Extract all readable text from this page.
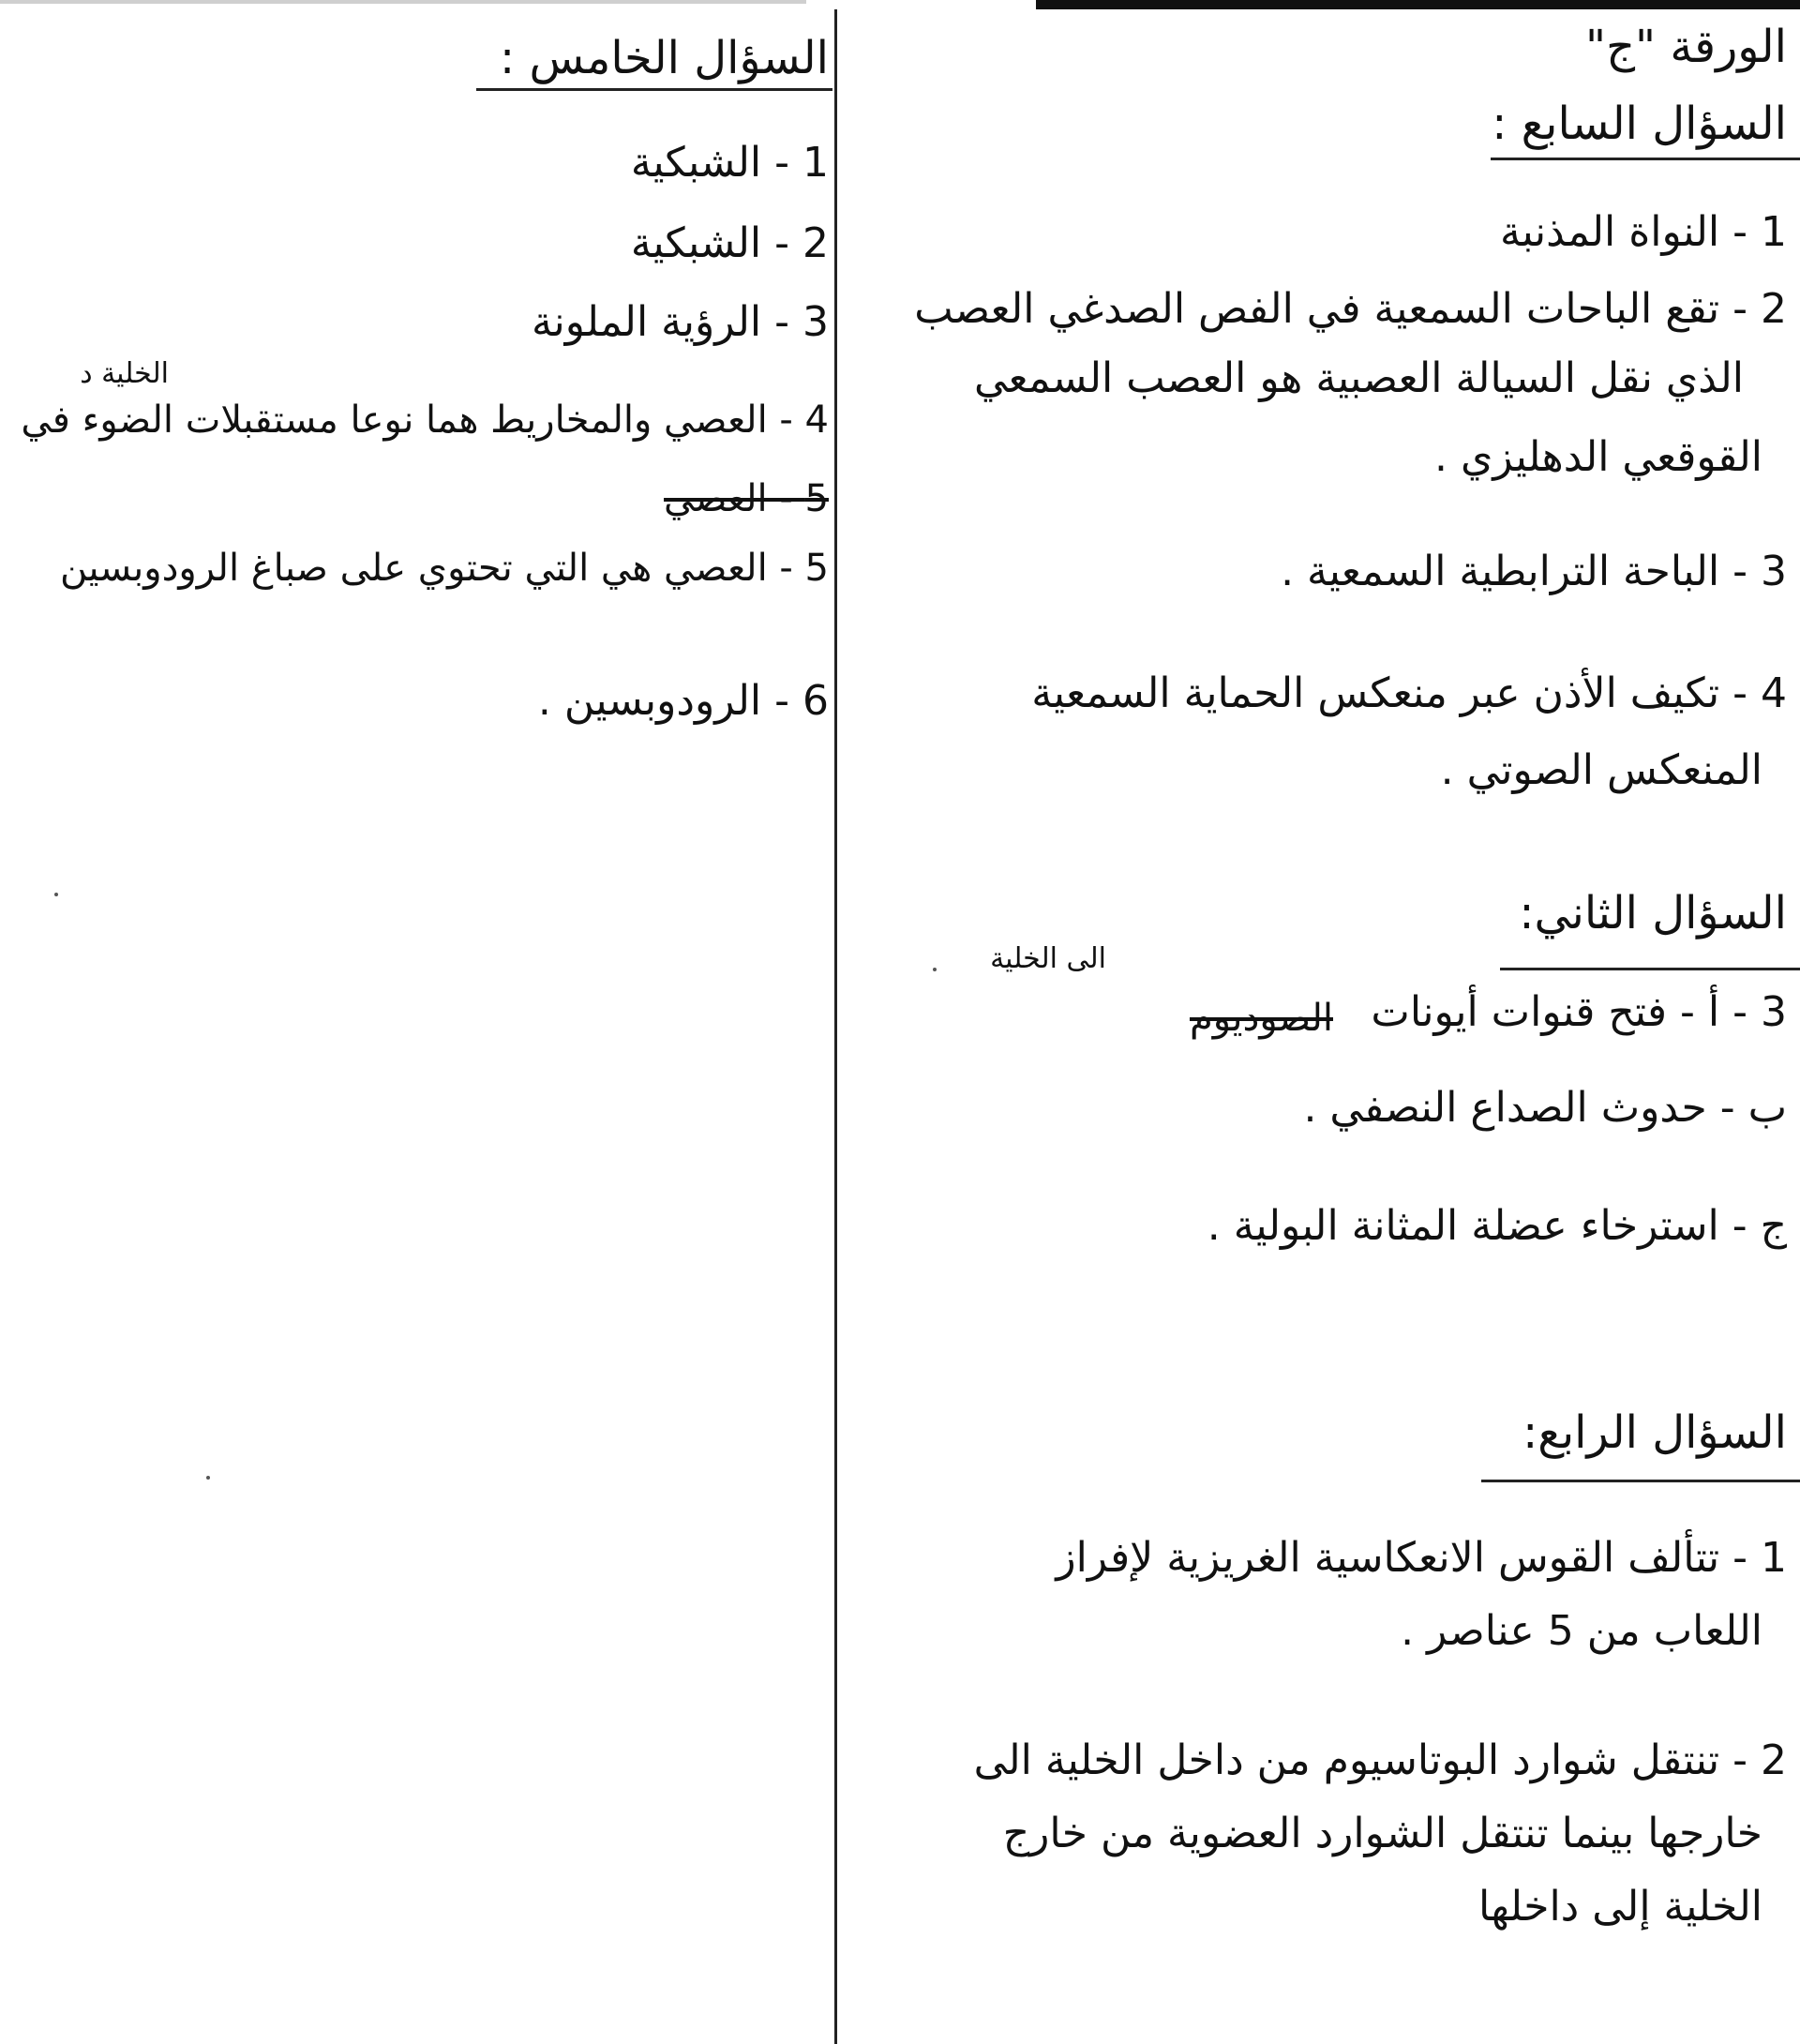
الورقة "ج"
السؤال السابع :
1 - النواة المذنبة
2 - تقع الباحات السمعية في الفص الصدغي العصب
الذي نقل السيالة العصبية هو العصب السمعي
القوقعي الدهليزي .
3 - الباحة الترابطية السمعية .
4 - تكيف الأذن عبر منعكس الحماية السمعية
المنعكس الصوتي .
السؤال الثاني:
الى الخلية
3 - أ - فتح قنوات أيونات
الصوديوم
ب - حدوث الصداع النصفي .
ج - استرخاء عضلة المثانة البولية .
السؤال الرابع:
1 - تتألف القوس الانعكاسية الغريزية لإفراز
اللعاب من 5 عناصر .
2 - تنتقل شوارد البوتاسيوم من داخل الخلية الى
خارجها بينما تنتقل الشوارد العضوية من خارج
الخلية إلى داخلها
السؤال الخامس :
1 - الشبكية
2 - الشبكية
3 - الرؤية الملونة
الخلية د
4 - العصي والمخاريط هما نوعا مستقبلات الضوء في
5 - العصي
5 - العصي هي التي تحتوي على صباغ الرودوبسين
6 - الرودوبسين .
